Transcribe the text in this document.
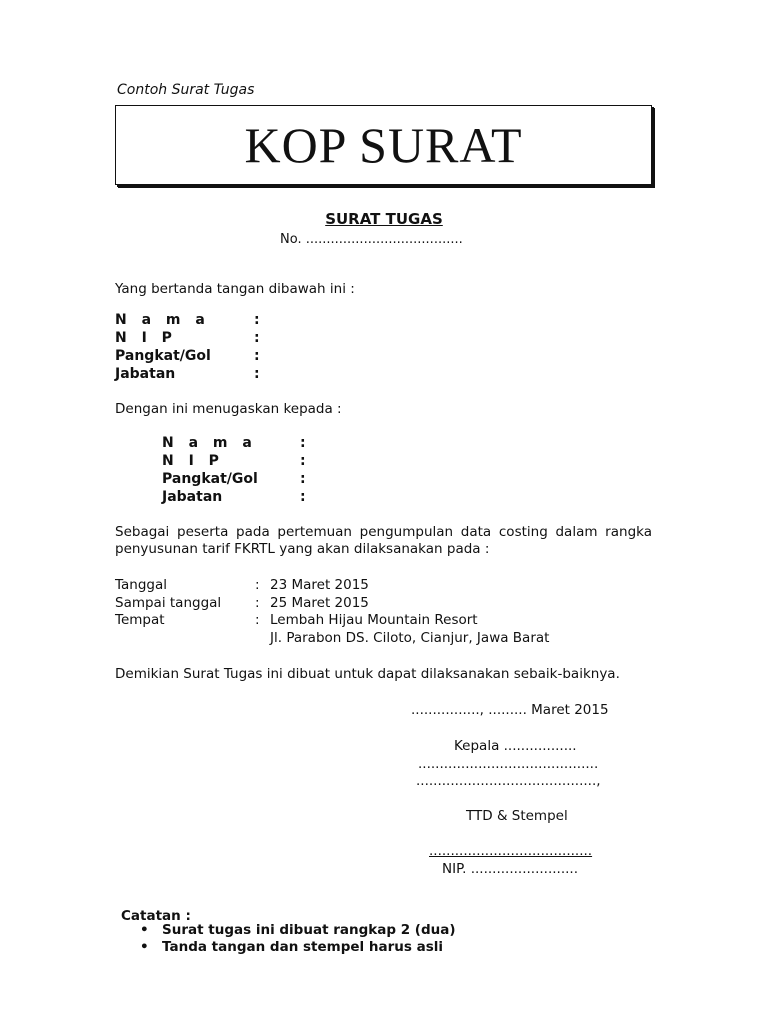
Contoh Surat Tugas
KOP SURAT
SURAT TUGAS
No. ......................................
Yang bertanda tangan dibawah ini :
N a m a	:
N I P	:
Pangkat/Gol	:
Jabatan	:
Dengan ini menugaskan kepada :
N a m a	:
N I P	:
Pangkat/Gol	:
Jabatan	:
Sebagai peserta pada pertemuan pengumpulan data costing dalam rangka
penyusunan tarif FKRTL yang akan dilaksanakan pada :
Tanggal	: 23 Maret 2015
Sampai tanggal	: 25 Maret 2015
Tempat	: Lembah Hijau Mountain Resort
Jl. Parabon DS. Ciloto, Cianjur, Jawa Barat
Demikian Surat Tugas ini dibuat untuk dapat dilaksanakan sebaik-baiknya.
................, ......... Maret 2015
Kepala .................
..........................................
..........................................,
TTD & Stempel
......................................
NIP. .........................
Catatan :
• Surat tugas ini dibuat rangkap 2 (dua)
• Tanda tangan dan stempel harus asli
